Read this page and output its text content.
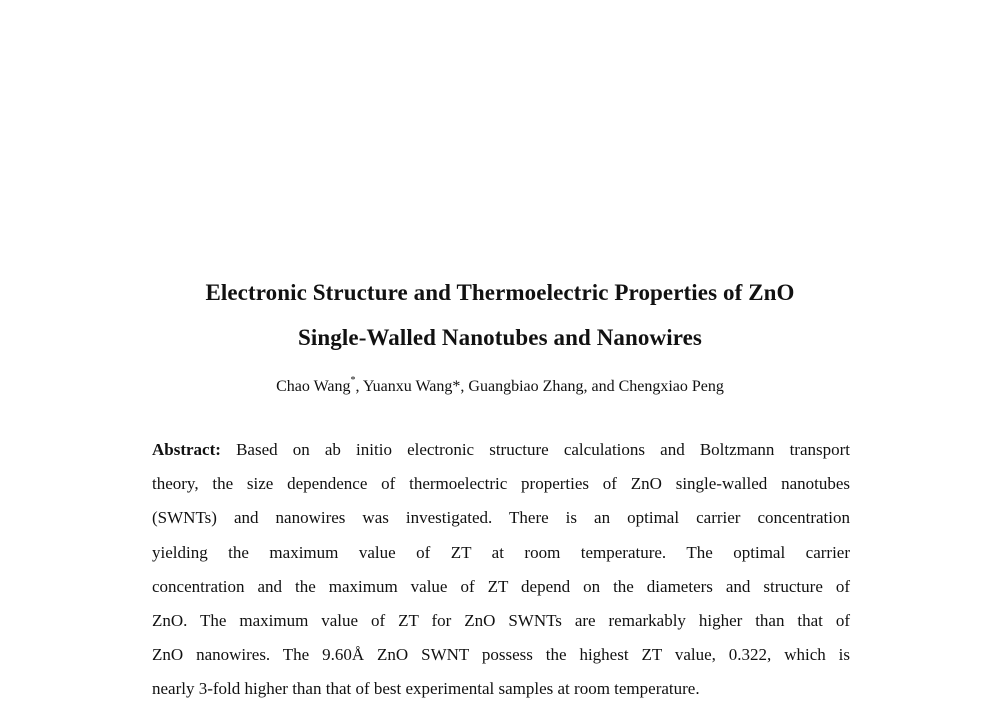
Electronic Structure and Thermoelectric Properties of ZnO
Single-Walled Nanotubes and Nanowires

Chao Wang*, Yuanxu Wang*, Guangbiao Zhang, and Chengxiao Peng

Abstract: Based on ab initio electronic structure calculations and Boltzmann transport
theory, the size dependence of thermoelectric properties of ZnO single-walled nanotubes
(SWNTs) and nanowires was investigated. There is an optimal carrier concentration
yielding the maximum value of ZT at room temperature. The optimal carrier
concentration and the maximum value of ZT depend on the diameters and structure of
ZnO. The maximum value of ZT for ZnO SWNTs are remarkably higher than that of
ZnO nanowires. The 9.60Å ZnO SWNT possess the highest ZT value, 0.322, which is
nearly 3-fold higher than that of best experimental samples at room temperature.
